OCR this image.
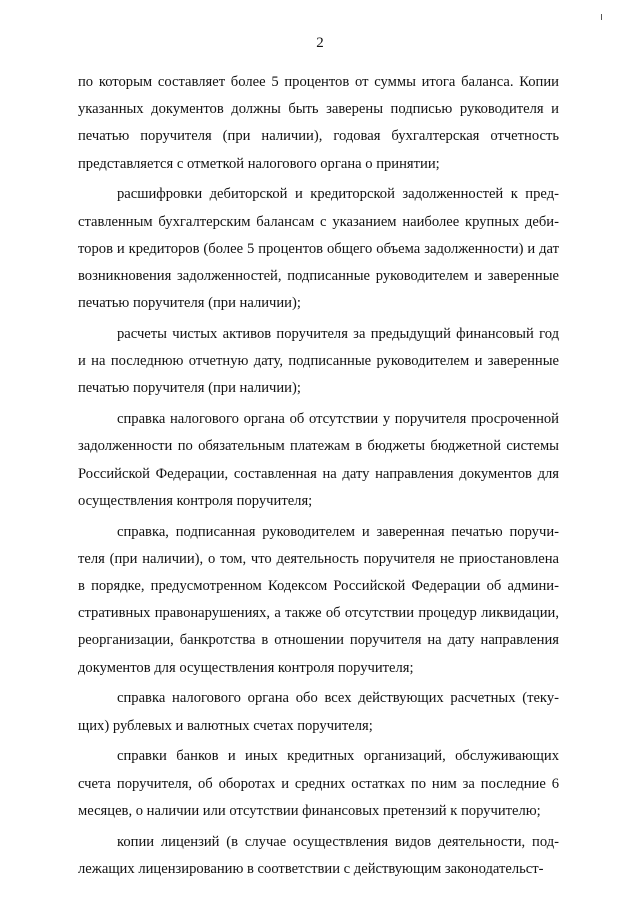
2

по которым составляет более 5 процентов от суммы итога баланса. Копии указанных документов должны быть заверены подписью руководителя и печатью поручителя (при наличии), годовая бухгалтерская отчетность представляется с отметкой налогового органа о принятии;

расшифровки дебиторской и кредиторской задолженностей к представленным бухгалтерским балансам с указанием наиболее крупных дебиторов и кредиторов (более 5 процентов общего объема задолженности) и дат возникновения задолженностей, подписанные руководителем и заверенные печатью поручителя (при наличии);

расчеты чистых активов поручителя за предыдущий финансовый год и на последнюю отчетную дату, подписанные руководителем и заверенные печатью поручителя (при наличии);

справка налогового органа об отсутствии у поручителя просроченной задолженности по обязательным платежам в бюджеты бюджетной системы Российской Федерации, составленная на дату направления документов для осуществления контроля поручителя;

справка, подписанная руководителем и заверенная печатью поручителя (при наличии), о том, что деятельность поручителя не приостановлена в порядке, предусмотренном Кодексом Российской Федерации об административных правонарушениях, а также об отсутствии процедур ликвидации, реорганизации, банкротства в отношении поручителя на дату направления документов для осуществления контроля поручителя;

справка налогового органа обо всех действующих расчетных (текущих) рублевых и валютных счетах поручителя;

справки банков и иных кредитных организаций, обслуживающих счета поручителя, об оборотах и средних остатках по ним за последние 6 месяцев, о наличии или отсутствии финансовых претензий к поручителю;

копии лицензий (в случае осуществления видов деятельности, подлежащих лицензированию в соответствии с действующим законодательст-
